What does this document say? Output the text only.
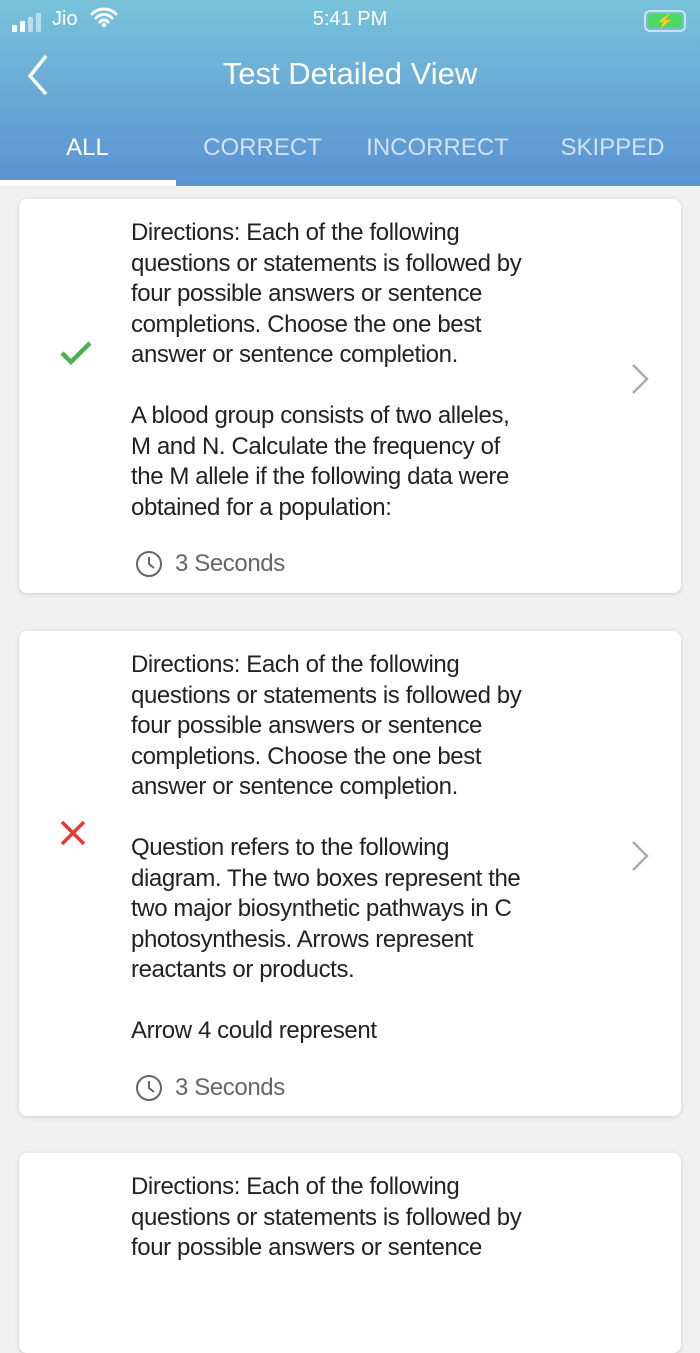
Jio	5:41 PM	⚡
Test Detailed View
ALL	CORRECT	INCORRECT	SKIPPED
Directions: Each of the following
questions or statements is followed by
four possible answers or sentence
completions. Choose the one best
answer or sentence completion.
A blood group consists of two alleles,
M and N. Calculate the frequency of
the M allele if the following data were
obtained for a population:
3 Seconds
Directions: Each of the following
questions or statements is followed by
four possible answers or sentence
completions. Choose the one best
answer or sentence completion.
Question refers to the following
diagram. The two boxes represent the
two major biosynthetic pathways in C
photosynthesis. Arrows represent
reactants or products.
Arrow 4 could represent
3 Seconds
Directions: Each of the following
questions or statements is followed by
four possible answers or sentence
